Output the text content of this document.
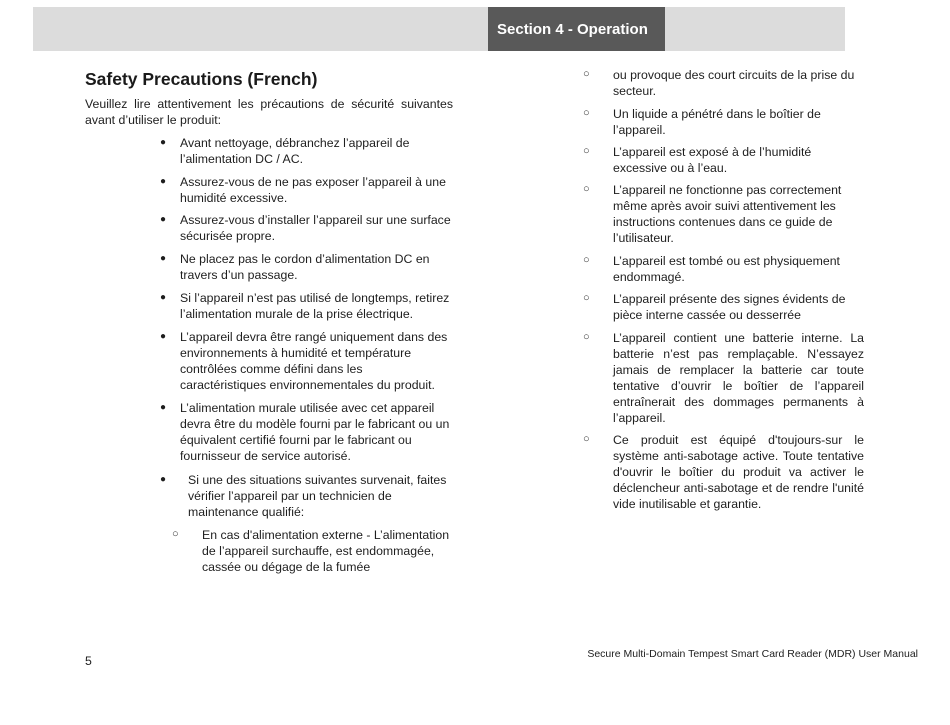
Section 4 - Operation
Safety Precautions (French)
Veuillez lire attentivement les précautions de sécurité suivantes avant d’utiliser le produit:
● Avant nettoyage, débranchez l’appareil de l’alimentation DC / AC.
● Assurez-vous de ne pas exposer l’appareil à une humidité excessive.
● Assurez-vous d’installer l’appareil sur une surface sécurisée propre.
● Ne placez pas le cordon d’alimentation DC en travers d’un passage.
● Si l’appareil n’est pas utilisé de longtemps, retirez l’alimentation murale de la prise électrique.
● L’appareil devra être rangé uniquement dans des environnements à humidité et température contrôlées comme défini dans les caractéristiques environnementales du produit.
● L’alimentation murale utilisée avec cet appareil devra être du modèle fourni par le fabricant ou un équivalent certifié fourni par le fabricant ou fournisseur de service autorisé.
● Si une des situations suivantes survenait, faites vérifier l’appareil par un technicien de maintenance qualifié:
○ En cas d'alimentation externe - L’alimentation de l’appareil surchauffe, est endommagée, cassée ou dégage de la fumée
○ ou provoque des court circuits de la prise du secteur.
○ Un liquide a pénétré dans le boîtier de l’appareil.
○ L’appareil est exposé à de l’humidité excessive ou à l’eau.
○ L’appareil ne fonctionne pas correctement même après avoir suivi attentivement les instructions contenues dans ce guide de l’utilisateur.
○ L’appareil est tombé ou est physiquement endommagé.
○ L’appareil présente des signes évidents de pièce interne cassée ou desserrée
○ L’appareil contient une batterie interne. La batterie n’est pas remplaçable. N’essayez jamais de remplacer la batterie car toute tentative d’ouvrir le boîtier de l’appareil entraînerait des dommages permanents à l’appareil.
○ Ce produit est équipé d'toujours-sur le système anti-sabotage active. Toute tentative d'ouvrir le boîtier du produit va activer le déclencheur anti-sabotage et de rendre l'unité vide inutilisable et garantie.
5	Secure Multi-Domain Tempest Smart Card Reader (MDR) User Manual
